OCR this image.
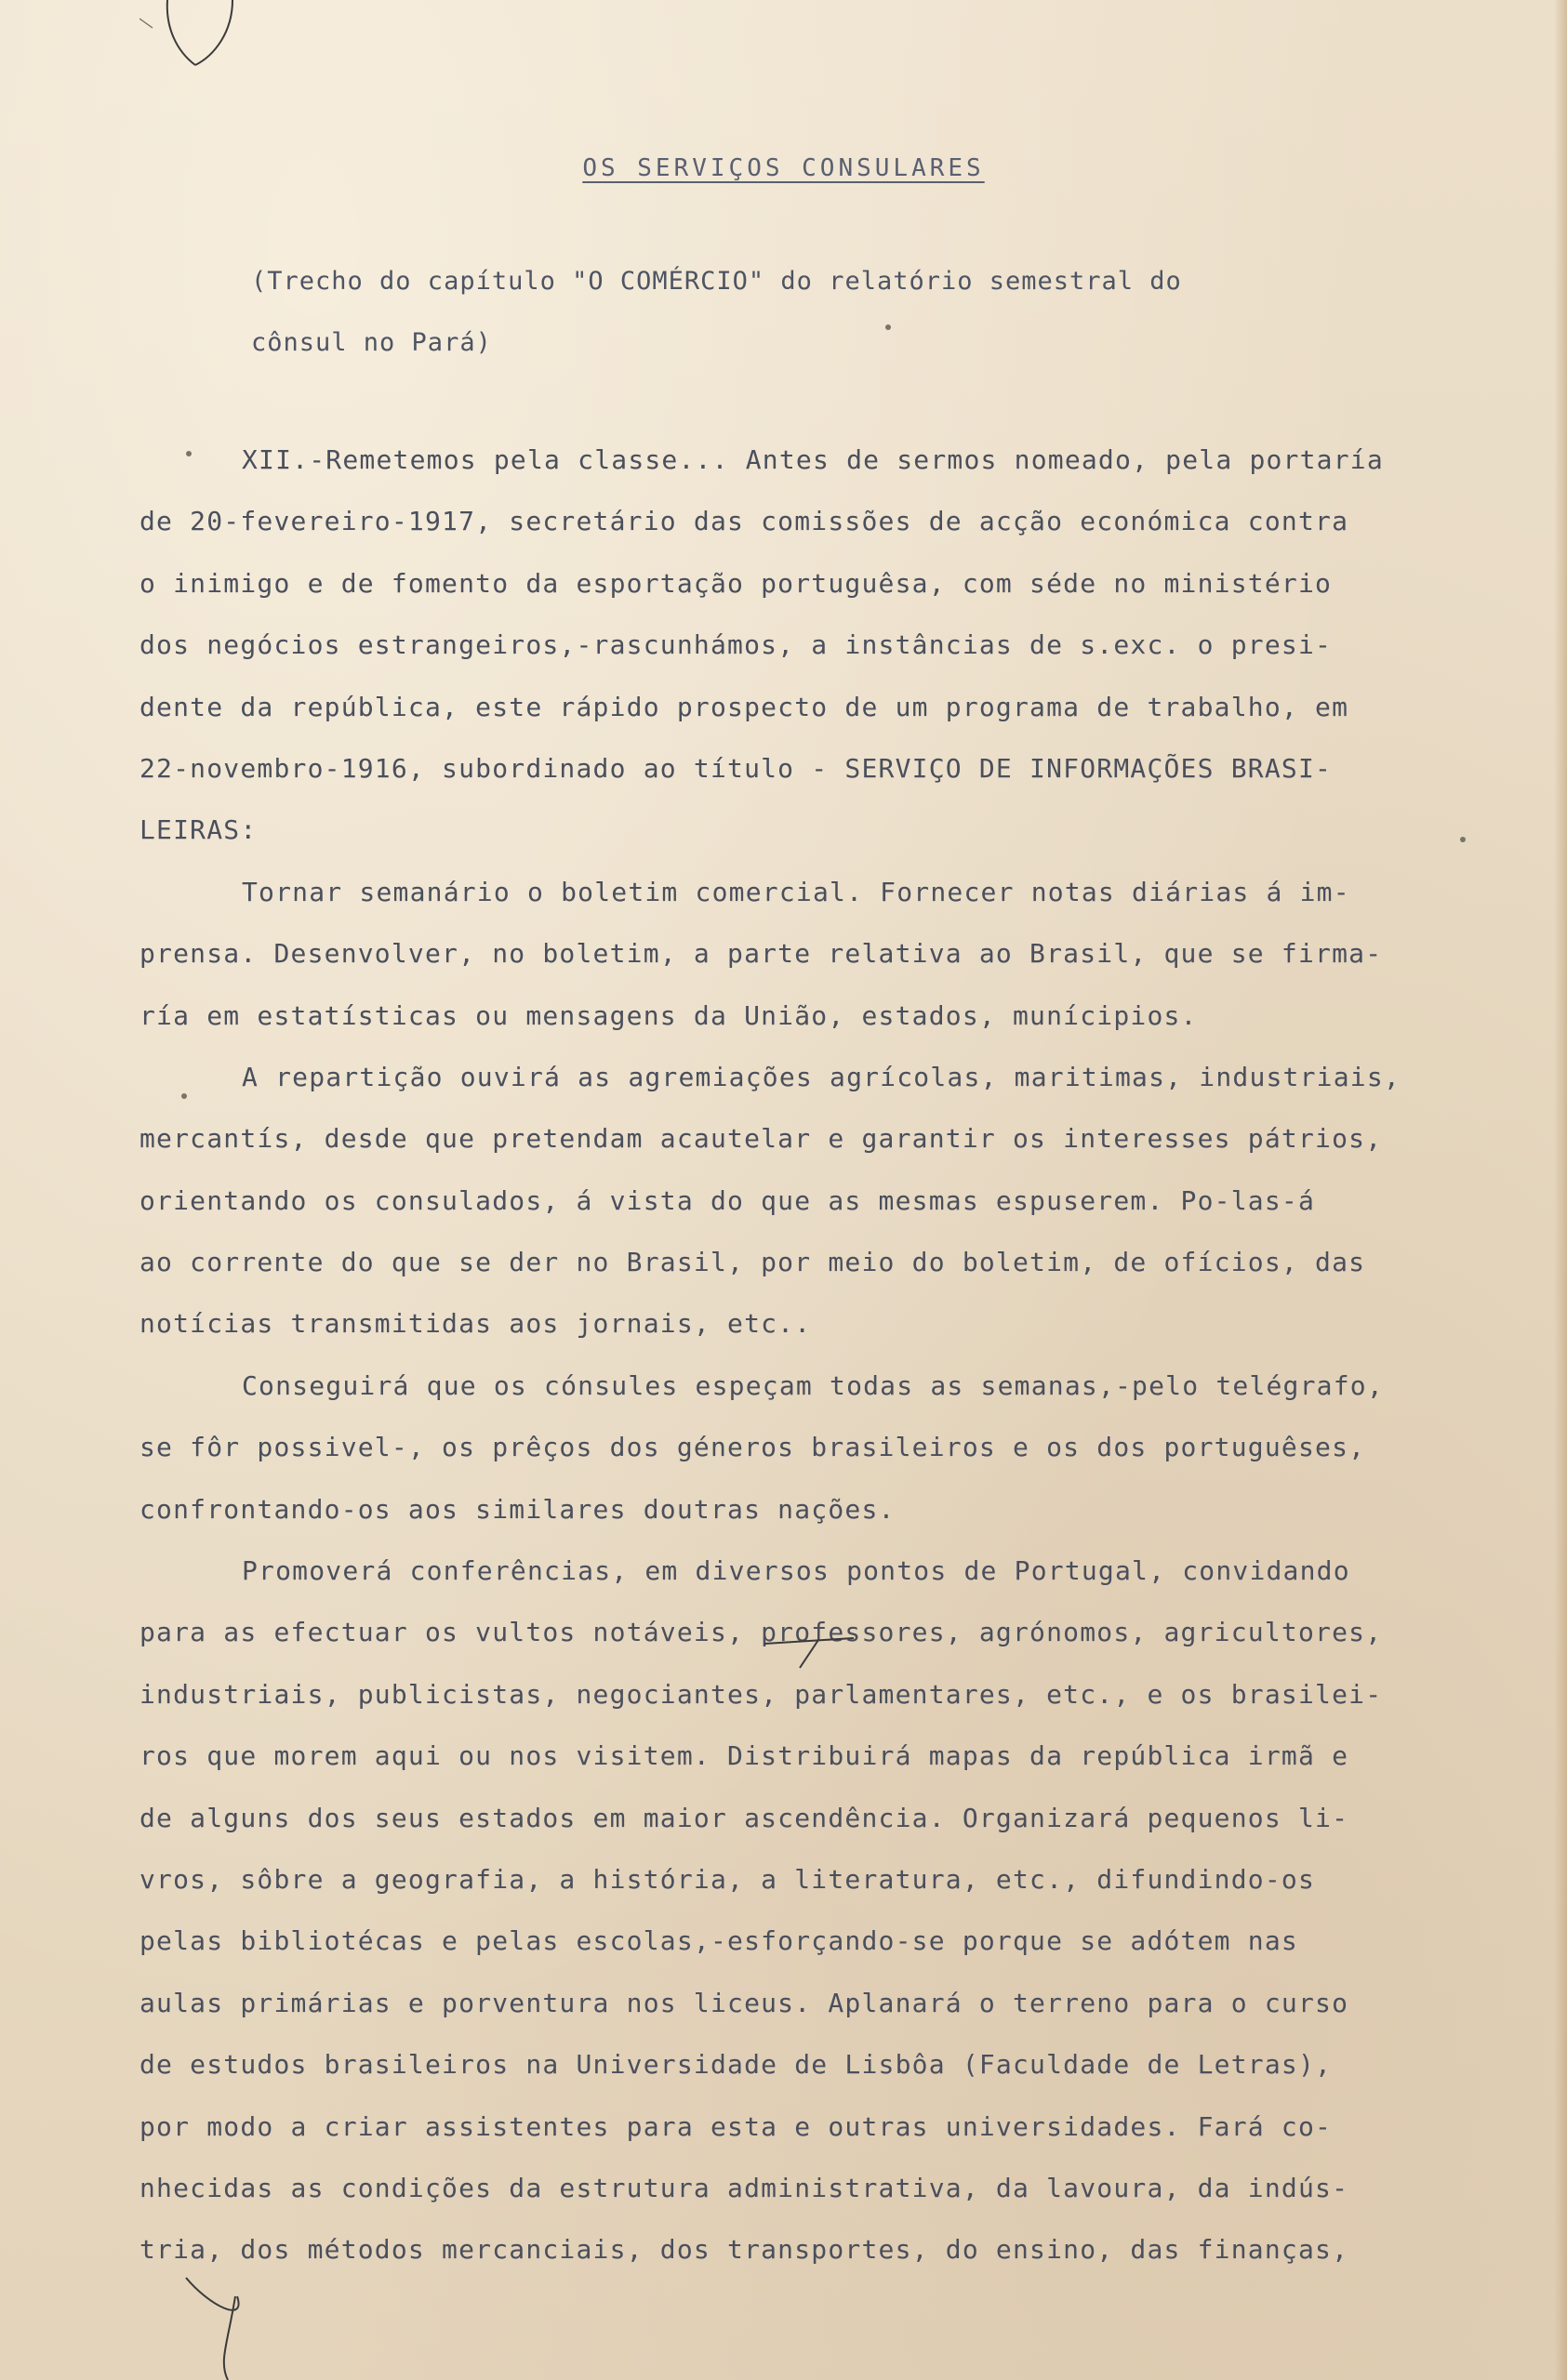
OS SERVIÇOS CONSULARES
(Trecho do capítulo "O COMÉRCIO" do relatório semestral do
cônsul no Pará)
XII.-Remetemos pela classe... Antes de sermos nomeado, pela portaría
de 20-fevereiro-1917, secretário das comissões de acção económica contra
o inimigo e de fomento da esportação portuguêsa, com séde no ministério
dos negócios estrangeiros,-rascunhámos, a instâncias de s.exc. o presi-
dente da república, este rápido prospecto de um programa de trabalho, em
22-novembro-1916, subordinado ao título - SERVIÇO DE INFORMAÇÕES BRASI-
LEIRAS:
Tornar semanário o boletim comercial. Fornecer notas diárias á im-
prensa. Desenvolver, no boletim, a parte relativa ao Brasil, que se firma-
ría em estatísticas ou mensagens da União, estados, munícipios.
A repartição ouvirá as agremiações agrícolas, maritimas, industriais,
mercantís, desde que pretendam acautelar e garantir os interesses pátrios,
orientando os consulados, á vista do que as mesmas espuserem. Po-las-á
ao corrente do que se der no Brasil, por meio do boletim, de ofícios, das
notícias transmitidas aos jornais, etc..
Conseguirá que os cónsules espeçam todas as semanas,-pelo telégrafo,
se fôr possivel-, os prêços dos géneros brasileiros e os dos portuguêses,
confrontando-os aos similares doutras nações.
Promoverá conferências, em diversos pontos de Portugal, convidando
para as efectuar os vultos notáveis, professores, agrónomos, agricultores,
industriais, publicistas, negociantes, parlamentares, etc., e os brasilei-
ros que morem aqui ou nos visitem. Distribuirá mapas da república irmã e
de alguns dos seus estados em maior ascendência. Organizará pequenos li-
vros, sôbre a geografia, a história, a literatura, etc., difundindo-os
pelas bibliotécas e pelas escolas,-esforçando-se porque se adótem nas
aulas primárias e porventura nos liceus. Aplanará o terreno para o curso
de estudos brasileiros na Universidade de Lisbôa (Faculdade de Letras),
por modo a criar assistentes para esta e outras universidades. Fará co-
nhecidas as condições da estrutura administrativa, da lavoura, da indús-
tria, dos métodos mercanciais, dos transportes, do ensino, das finanças,
